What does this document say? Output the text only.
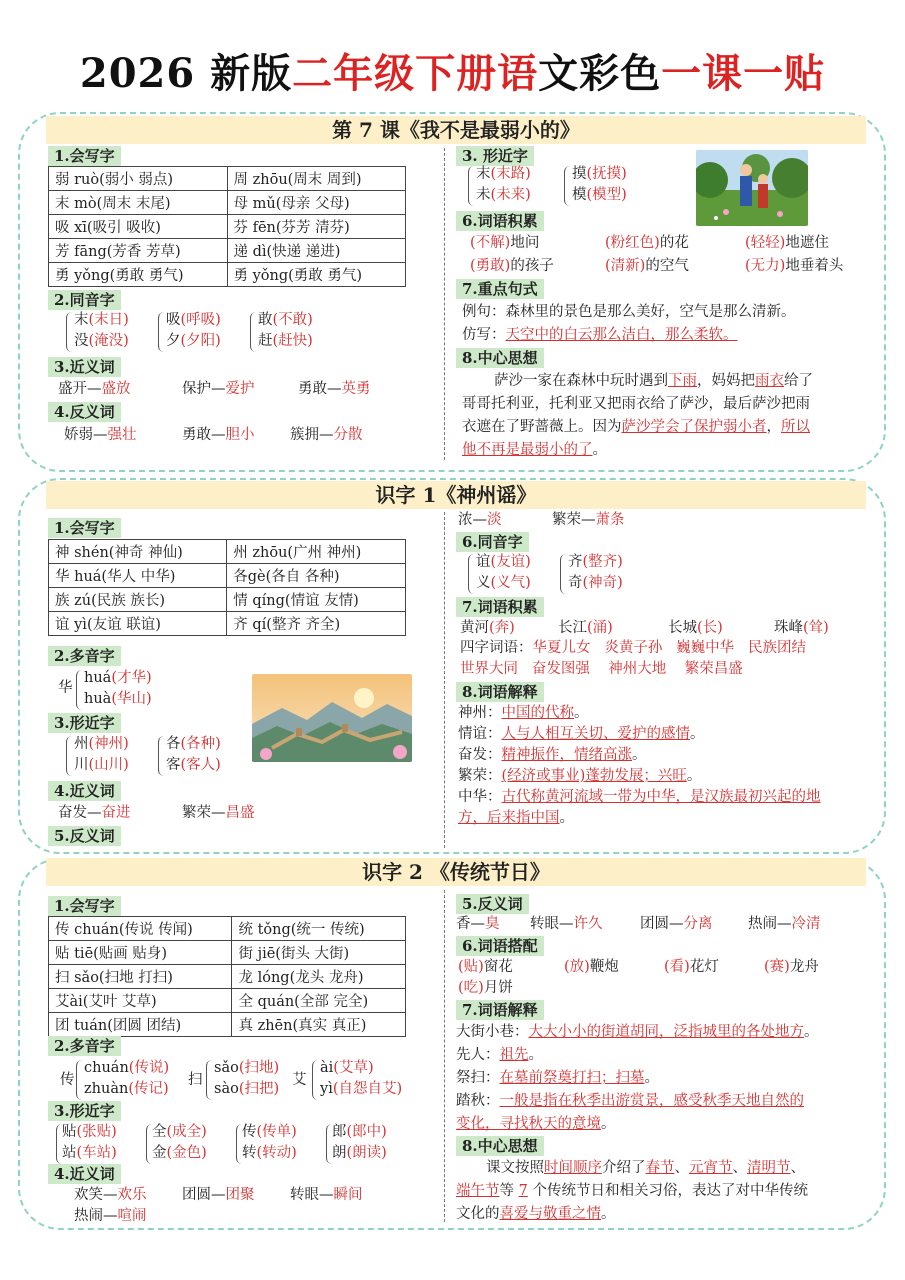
2026 新版二年级下册语文彩色一课一贴
第 7 课《我不是最弱小的》
1.会写字
弱 ruò(弱小 弱点)	周 zhōu(周末 周到)
末 mò(周末 末尾)	母 mǔ(母亲 父母)
吸 xī(吸引 吸收)	芬 fēn(芬芳 清芬)
芳 fāng(芳香 芳草)	递 dì(快递 递进)
勇 yǒng(勇敢 勇气)	勇 yǒng(勇敢 勇气)
2.同音字
末(末日)
没(淹没)
吸(呼吸)
夕(夕阳)
敢(不敢)
赶(赶快)
3.近义词
盛开—盛放	保护—爱护	勇敢—英勇
4.反义词
娇弱—强壮	勇敢—胆小 簇拥—分散
3. 形近字
末(末路)
未(未来)
摸(抚摸)
模(模型)
6.词语积累
(不解)地问	(粉红色)的花	(轻轻)地遮住
(勇敢)的孩子	(清新)的空气	(无力)地垂着头
7.重点句式
例句：森林里的景色是那么美好，空气是那么清新。
仿写：天空中的白云那么洁白，那么柔软。
8.中心思想
萨沙一家在森林中玩时遇到下雨，妈妈把雨衣给了
哥哥托利亚，托利亚又把雨衣给了萨沙，最后萨沙把雨
衣遮在了野蔷薇上。因为萨沙学会了保护弱小者，所以
他不再是最弱小的了。
识字 1《神州谣》
1.会写字
神 shén(神奇 神仙)	州 zhōu(广州 神州)
华 huá(华人 中华)	各gè(各自 各种)
族 zú(民族 族长)	情 qíng(情谊 友情)
谊 yì(友谊 联谊)	齐 qí(整齐 齐全)
2.多音字
华
huá(才华)
huà(华山)
3.形近字
州(神州)
川(山川)
各(各种)
客(客人)
4.近义词
奋发—奋进	繁荣—昌盛
5.反义词
浓—淡	繁荣—萧条
6.同音字
谊(友谊)
义(义气)
齐(整齐)
奇(神奇)
7.词语积累
黄河(奔)	长江(涌)	长城(长)	珠峰(耸)
四字词语：华夏儿女 炎黄子孙 巍巍中华 民族团结
世界大同 奋发图强 神州大地 繁荣昌盛
8.词语解释
神州：中国的代称。
情谊：人与人相互关切、爱护的感情。
奋发：精神振作，情绪高涨。
繁荣：(经济或事业)蓬勃发展；兴旺。
中华：古代称黄河流域一带为中华，是汉族最初兴起的地
方，后来指中国。
识字 2 《传统节日》
1.会写字
传 chuán(传说 传闻)	统 tǒng(统一 传统)
贴 tiē(贴画 贴身)	街 jiē(街头 大街)
扫 sǎo(扫地 打扫)	龙 lóng(龙头 龙舟)
艾ài(艾叶 艾草)	全 quán(全部 完全)
团 tuán(团圆 团结)	真 zhēn(真实 真正)
2.多音字
传
chuán(传说)
zhuàn(传记)
扫
sǎo(扫地)
sào(扫把)
艾
ài(艾草)
yì(自怨自艾)
3.形近字
贴(张贴)
站(车站)
全(成全)
金(金色)
传(传单)
转(转动)
郎(郎中)
朗(朗读)
4.近义词
欢笑—欢乐 团圆—团聚 转眼—瞬间
热闹—喧闹
5.反义词
香—臭 转眼—许久	团圆—分离 热闹—冷清
6.词语搭配
(贴)窗花	(放)鞭炮	(看)花灯	(赛)龙舟
(吃)月饼
7.词语解释
大街小巷：大大小小的街道胡同，泛指城里的各处地方。
先人：祖先。
祭扫：在墓前祭奠打扫；扫墓。
踏秋：一般是指在秋季出游赏景，感受秋季天地自然的
变化，寻找秋天的意境。
8.中心思想
课文按照时间顺序介绍了春节、元宵节、清明节、
端午节等 7 个传统节日和相关习俗，表达了对中华传统
文化的喜爱与敬重之情。
